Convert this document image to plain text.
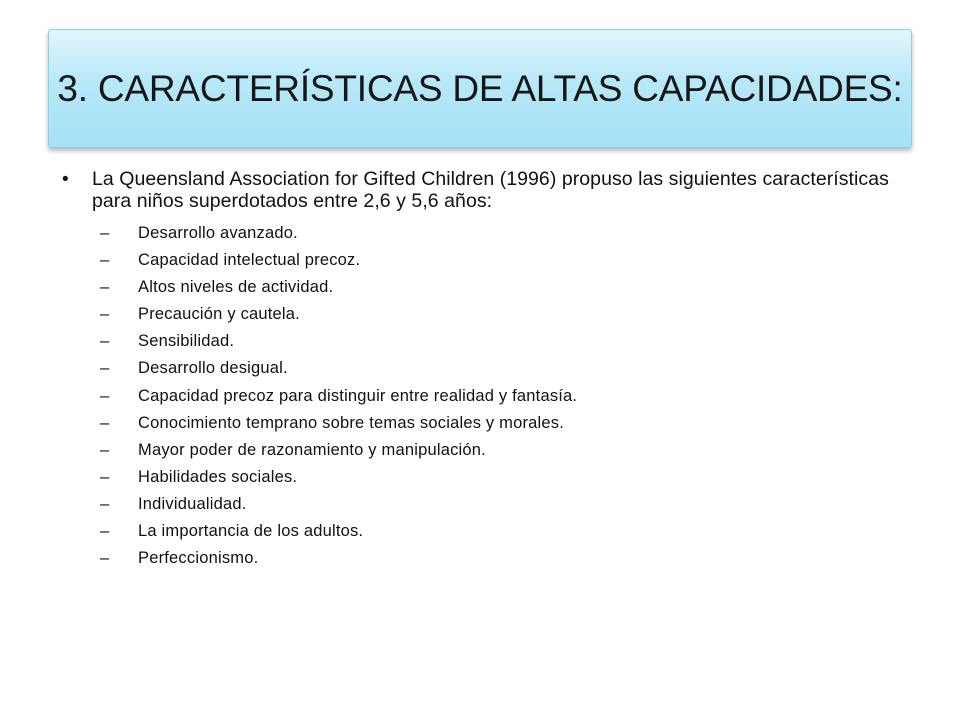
3. CARACTERÍSTICAS DE ALTAS CAPACIDADES:
• La Queensland Association for Gifted Children (1996) propuso las siguientes características para niños superdotados entre 2,6 y 5,6 años:
– Desarrollo avanzado.
– Capacidad intelectual precoz.
– Altos niveles de actividad.
– Precaución y cautela.
– Sensibilidad.
– Desarrollo desigual.
– Capacidad precoz para distinguir entre realidad y fantasía.
– Conocimiento temprano sobre temas sociales y morales.
– Mayor poder de razonamiento y manipulación.
– Habilidades sociales.
– Individualidad.
– La importancia de los adultos.
– Perfeccionismo.
